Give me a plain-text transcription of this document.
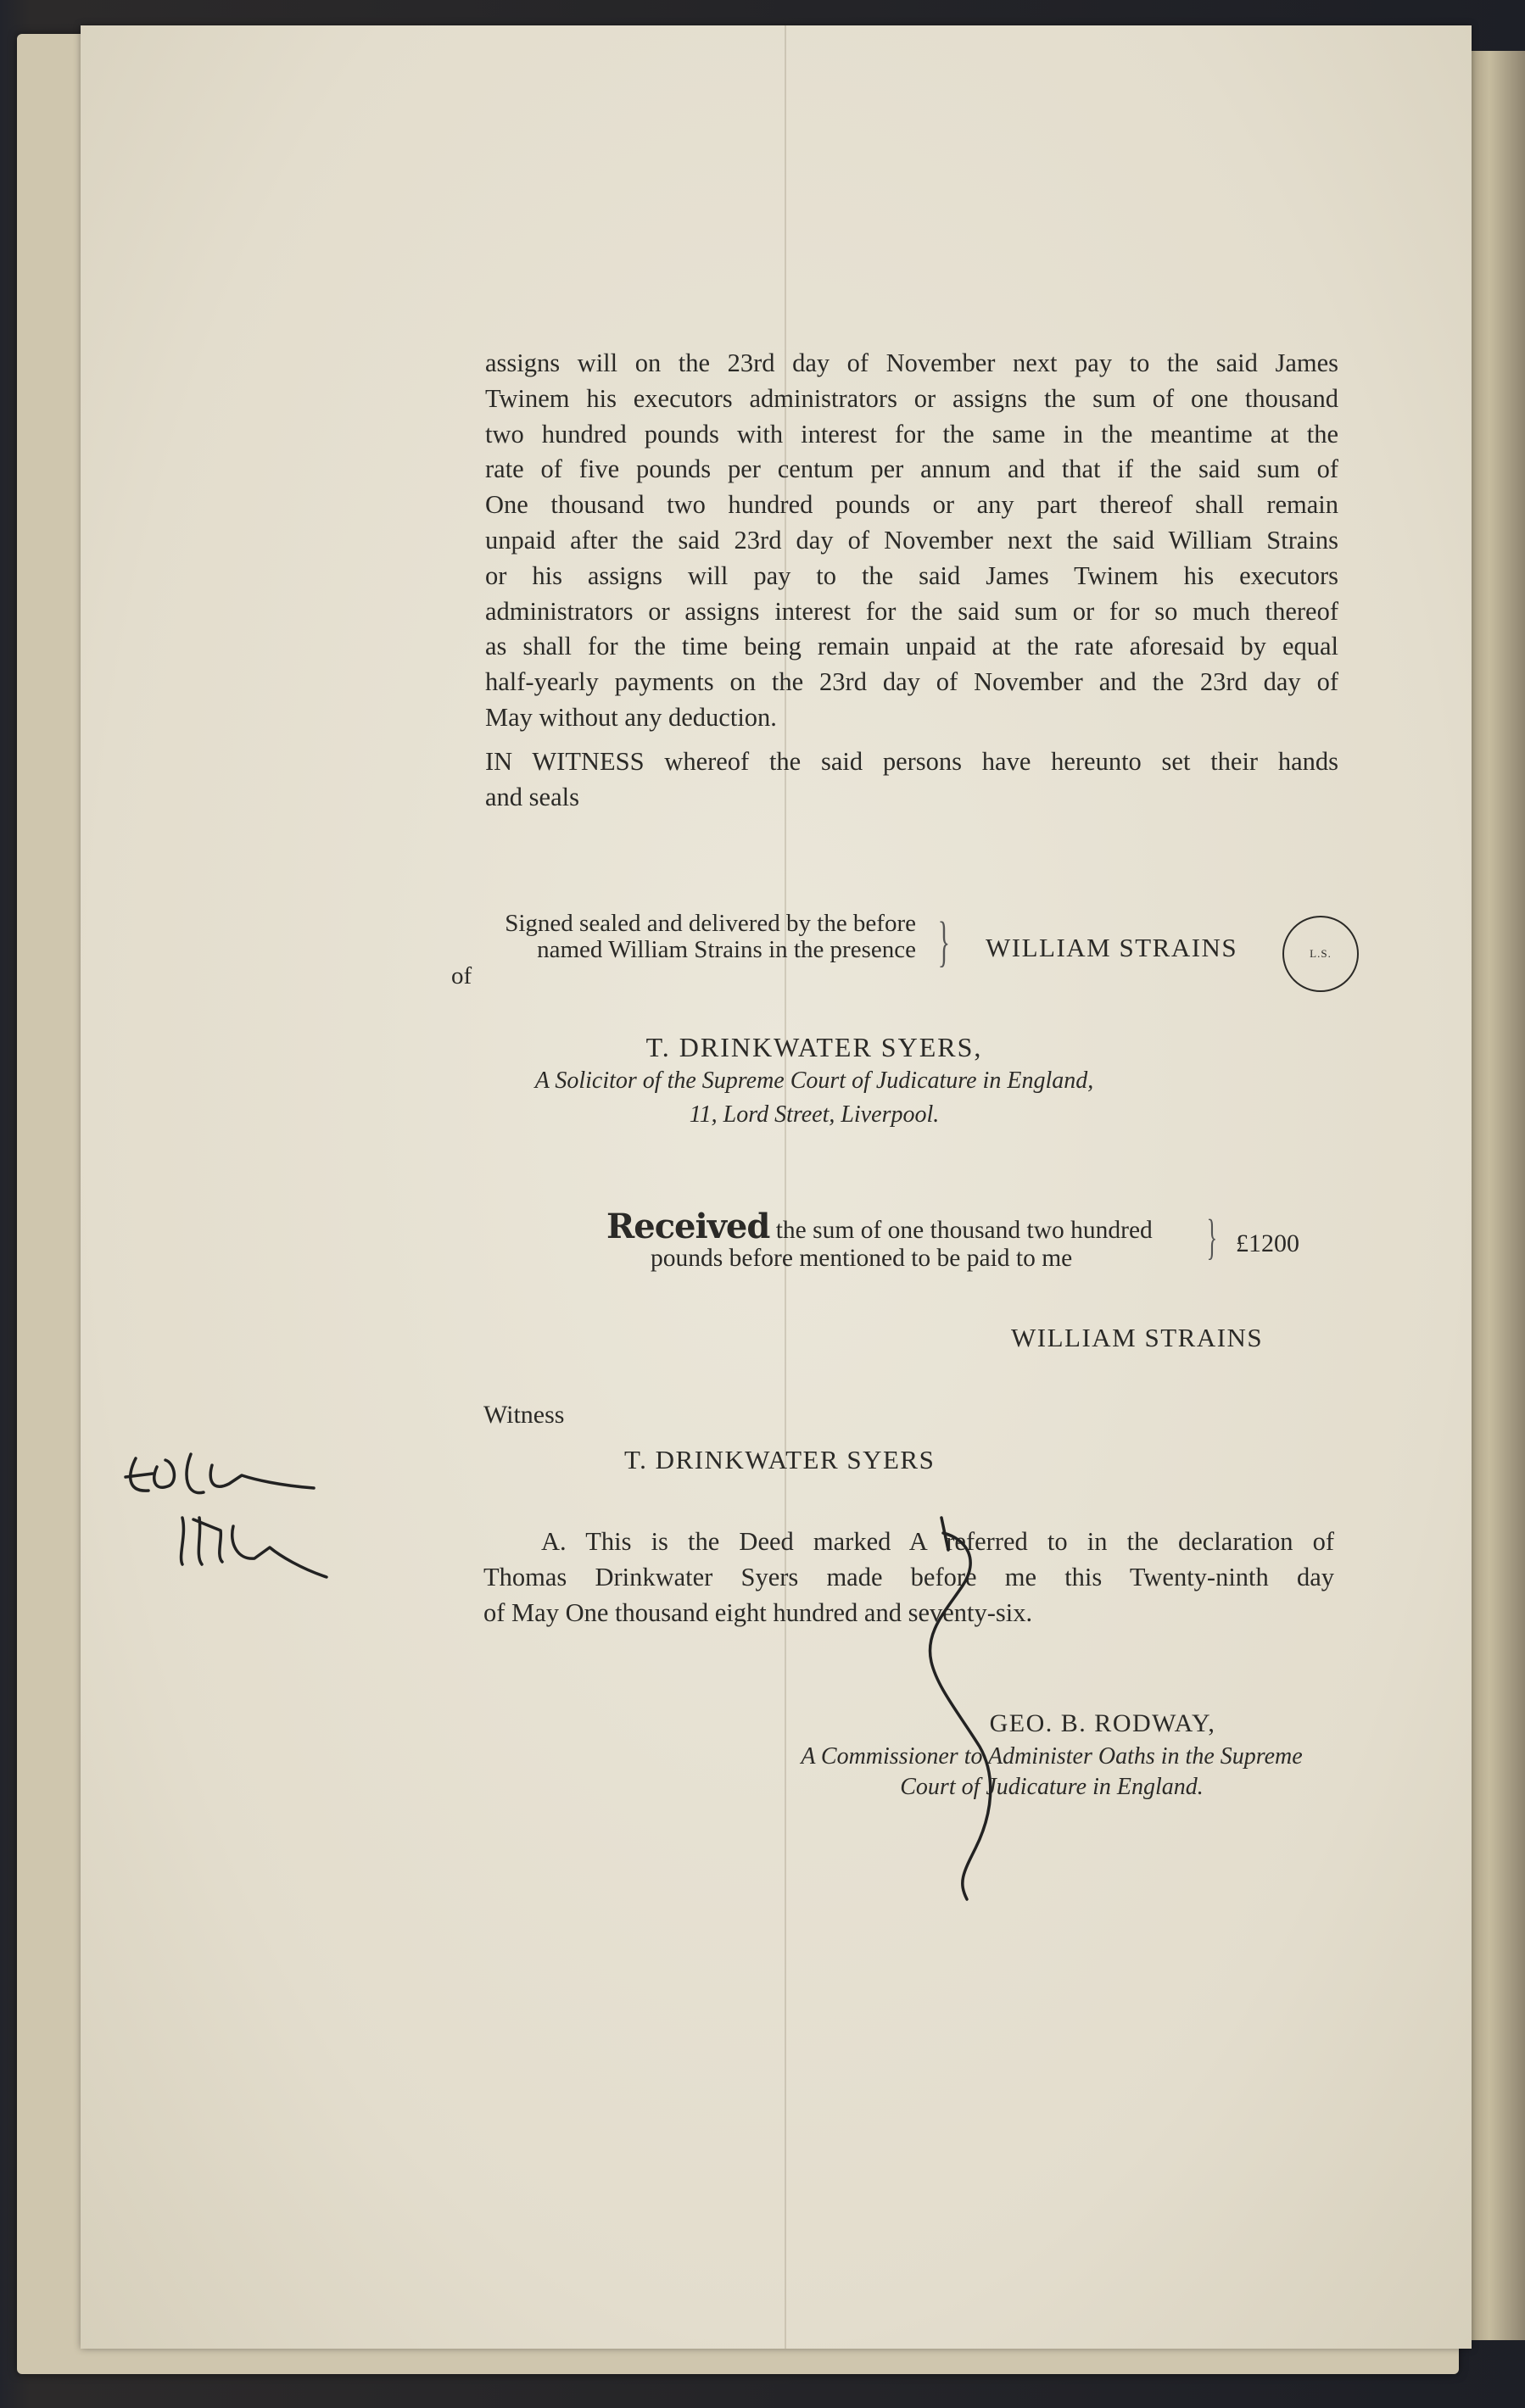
assigns will on the 23rd day of November next pay to the said James
Twinem his executors administrators or assigns the sum of one thousand
two hundred pounds with interest for the same in the meantime at the
rate of five pounds per centum per annum and that if the said sum of
One thousand two hundred pounds or any part thereof shall remain
unpaid after the said 23rd day of November next the said William Strains
or his assigns will pay to the said James Twinem his executors
administrators or assigns interest for the said sum or for so much thereof
as shall for the time being remain unpaid at the rate aforesaid by equal
half-yearly payments on the 23rd day of November and the 23rd day of
May without any deduction.
IN WITNESS whereof the said persons have hereunto set their hands
and seals
Signed sealed and delivered by the before
named William Strains in the presence
of
} WILLIAM STRAINS	L.S.
T. DRINKWATER SYERS,
A Solicitor of the Supreme Court of Judicature in England,
11, Lord Street, Liverpool.
Received the sum of one thousand two hundred
pounds before mentioned to be paid to me	} £1200
WILLIAM STRAINS
Witness
T. DRINKWATER SYERS
A. This is the Deed marked A referred to in the declaration of
Thomas Drinkwater Syers made before me this Twenty-ninth day
of May One thousand eight hundred and seventy-six.
GEO. B. RODWAY,
A Commissioner to Administer Oaths in the Supreme
Court of Judicature in England.
